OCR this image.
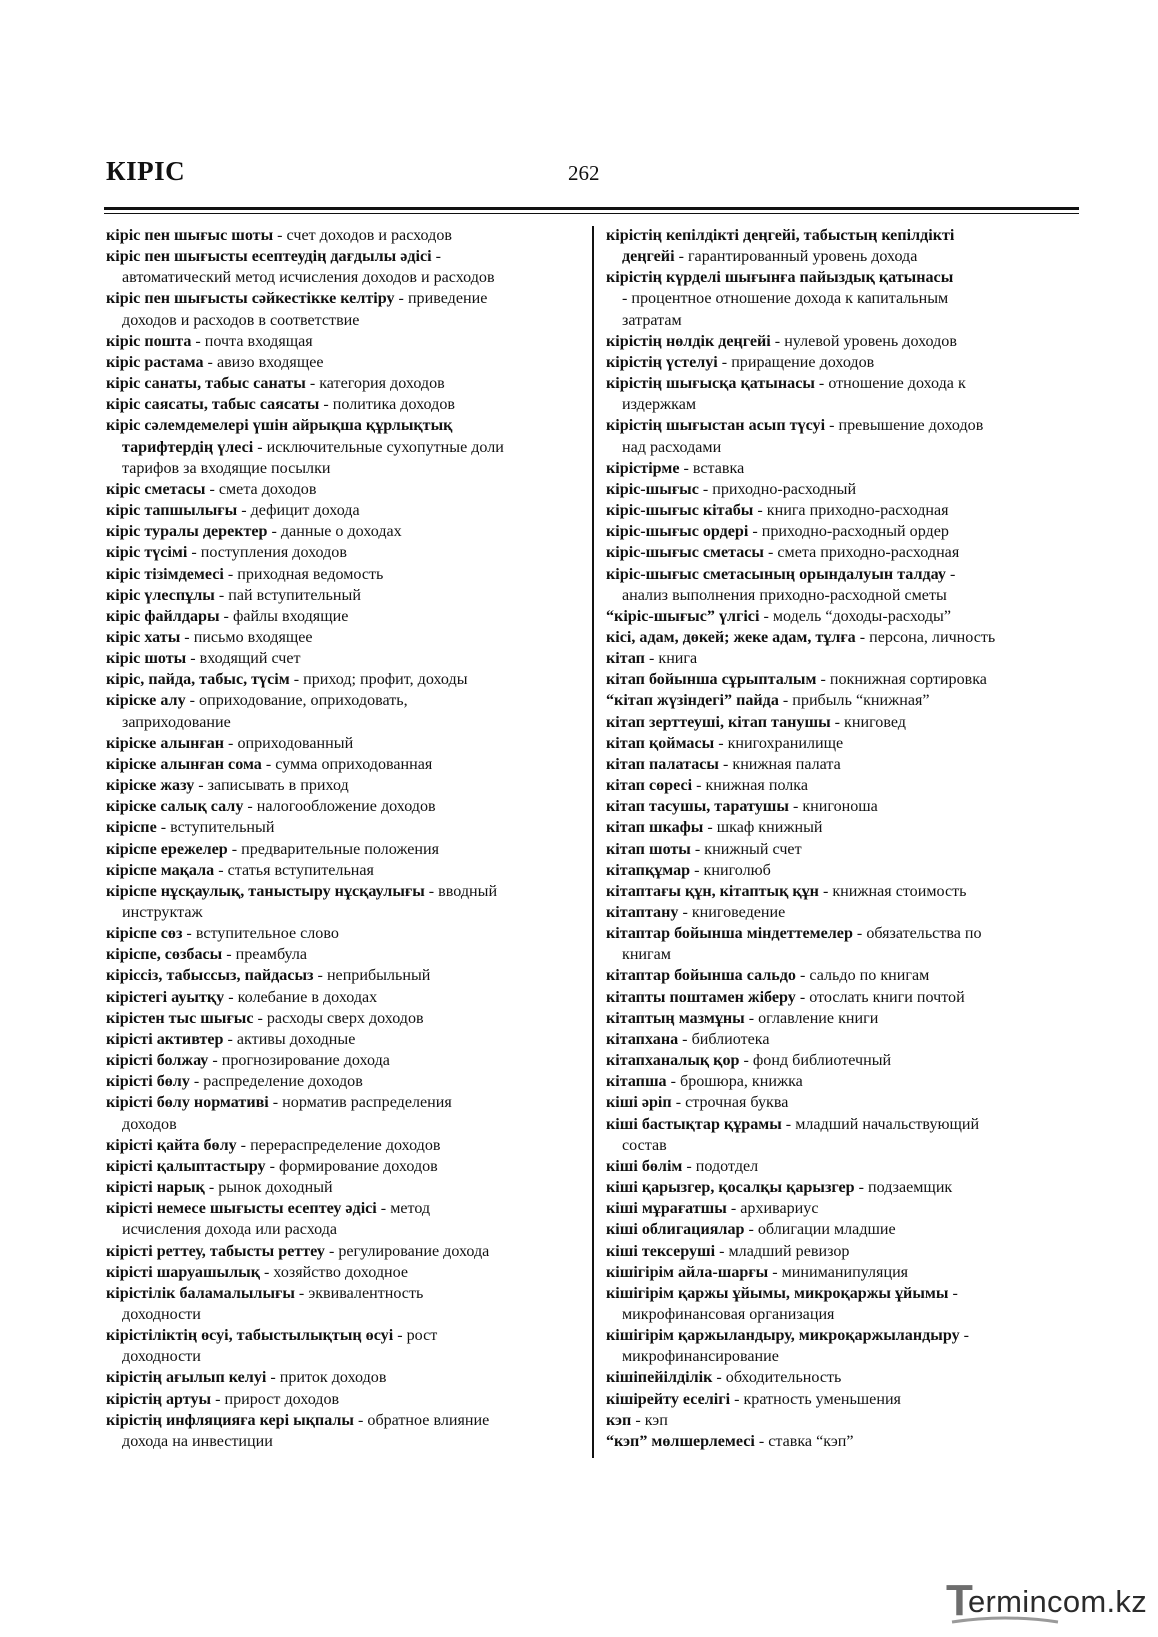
КІРІС	262
кіріс пен шығыс шоты - счет доходов и расходов
кіріс пен шығысты есептеудің дағдылы әдісі -
автоматический метод исчисления доходов и расходов
кіріс пен шығысты сәйкестікке келтіру - приведение
доходов и расходов в соответствие
кіріс пошта - почта входящая
кіріс растама - авизо входящее
кіріс санаты, табыс санаты - категория доходов
кіріс саясаты, табыс саясаты - политика доходов
кіріс сәлемдемелері үшін айрықша құрлықтық
тарифтердің үлесі - исключительные сухопутные доли
тарифов за входящие посылки
кіріс сметасы - смета доходов
кіріс тапшылығы - дефицит дохода
кіріс туралы деректер - данные о доходах
кіріс түсімі - поступления доходов
кіріс тізімдемесі - приходная ведомость
кіріс үлеспұлы - пай вступительный
кіріс файлдары - файлы входящие
кіріс хаты - письмо входящее
кіріс шоты - входящий счет
кіріс, пайда, табыс, түсім - приход; профит, доходы
кіріске алу - оприходование, оприходовать,
заприходование
кіріске алынған - оприходованный
кіріске алынған сома - сумма оприходованная
кіріске жазу - записывать в приход
кіріске салық салу - налогообложение доходов
кіріспе - вступительный
кіріспе ережелер - предварительные положения
кіріспе мақала - статья вступительная
кіріспе нұсқаулық, таныстыру нұсқаулығы - вводный
инструктаж
кіріспе сөз - вступительное слово
кіріспе, сөзбасы - преамбула
кіріссіз, табыссыз, пайдасыз - неприбыльный
кірістегі ауытқу - колебание в доходах
кірістен тыс шығыс - расходы сверх доходов
кірісті активтер - активы доходные
кірісті болжау - прогнозирование дохода
кірісті бөлу - распределение доходов
кірісті бөлу нормативі - норматив распределения
доходов
кірісті қайта бөлу - перераспределение доходов
кірісті қалыптастыру - формирование доходов
кірісті нарық - рынок доходный
кірісті немесе шығысты есептеу әдісі - метод
исчисления дохода или расхода
кірісті реттеу, табысты реттеу - регулирование дохода
кірісті шаруашылық - хозяйство доходное
кірістілік баламалылығы - эквивалентность
доходности
кірістіліктің өсуі, табыстылықтың өсуі - рост
доходности
кірістің ағылып келуі - приток доходов
кірістің артуы - прирост доходов
кірістің инфляцияға кері ықпалы - обратное влияние
дохода на инвестиции
кірістің кепілдікті деңгейі, табыстың кепілдікті
деңгейі - гарантированный уровень дохода
кірістің күрделі шығынға пайыздық қатынасы
- процентное отношение дохода к капитальным
затратам
кірістің нөлдік деңгейі - нулевой уровень доходов
кірістің үстелуі - приращение доходов
кірістің шығысқа қатынасы - отношение дохода к
издержкам
кірістің шығыстан асып түсуі - превышение доходов
над расходами
кірістірме - вставка
кіріс-шығыс - приходно-расходный
кіріс-шығыс кітабы - книга приходно-расходная
кіріс-шығыс ордері - приходно-расходный ордер
кіріс-шығыс сметасы - смета приходно-расходная
кіріс-шығыс сметасының орындалуын талдау -
анализ выполнения приходно-расходной сметы
“кіріс-шығыс” үлгісі - модель “доходы-расходы”
кісі, адам, дөкей; жеке адам, тұлға - персона, личность
кітап - книга
кітап бойынша сұрыпталым - покнижная сортировка
“кітап жүзіндегі” пайда - прибыль “книжная”
кітап зерттеуші, кітап танушы - книговед
кітап қоймасы - книгохранилище
кітап палатасы - книжная палата
кітап сөресі - книжная полка
кітап тасушы, таратушы - книгоноша
кітап шкафы - шкаф книжный
кітап шоты - книжный счет
кітапқұмар - книголюб
кітаптағы құн, кітаптық құн - книжная стоимость
кітаптану - книговедение
кітаптар бойынша міндеттемелер - обязательства по
книгам
кітаптар бойынша сальдо - сальдо по книгам
кітапты поштамен жіберу - отослать книги почтой
кітаптың мазмұны - оглавление книги
кітапхана - библиотека
кітапханалық қор - фонд библиотечный
кітапша - брошюра, книжка
кіші әріп - строчная буква
кіші бастықтар құрамы - младший начальствующий
состав
кіші бөлім - подотдел
кіші қарызгер, қосалқы қарызгер - подзаемщик
кіші мұрағатшы - архивариус
кіші облигациялар - облигации младшие
кіші тексеруші - младший ревизор
кішігірім айла-шарғы - миниманипуляция
кішігірім қаржы ұйымы, микроқаржы ұйымы -
микрофинансовая организация
кішігірім қаржыландыру, микроқаржыландыру -
микрофинансирование
кішіпейілділік - обходительность
кішірейту еселігі - кратность уменьшения
кэп - кэп
“кэп” мөлшерлемесі - ставка “кэп”
T
ermincom.kz
